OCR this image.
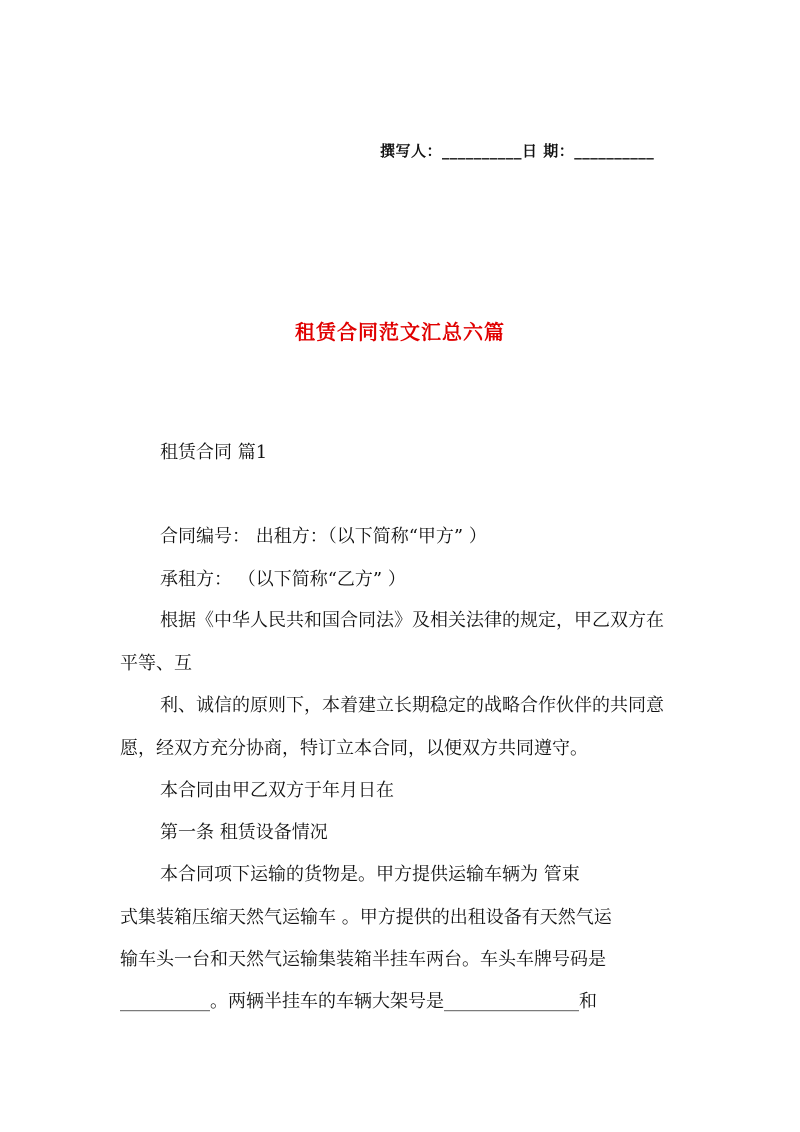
撰写人：__________日 期：__________
租赁合同范文汇总六篇
租赁合同 篇1
合同编号： 出租方：（以下简称“甲方” ）
承租方： （以下简称“乙方” ）
根据《中华人民共和国合同法》及相关法律的规定，甲乙双方在
平等、互
利、诚信的原则下，本着建立长期稳定的战略合作伙伴的共同意
愿，经双方充分协商，特订立本合同，以便双方共同遵守。
本合同由甲乙双方于年月日在
第一条 租赁设备情况
本合同项下运输的货物是。甲方提供运输车辆为 管束
式集装箱压缩天然气运输车 。甲方提供的出租设备有天然气运
输车头一台和天然气运输集装箱半挂车两台。车头车牌号码是
__________。两辆半挂车的车辆大架号是_______________和
